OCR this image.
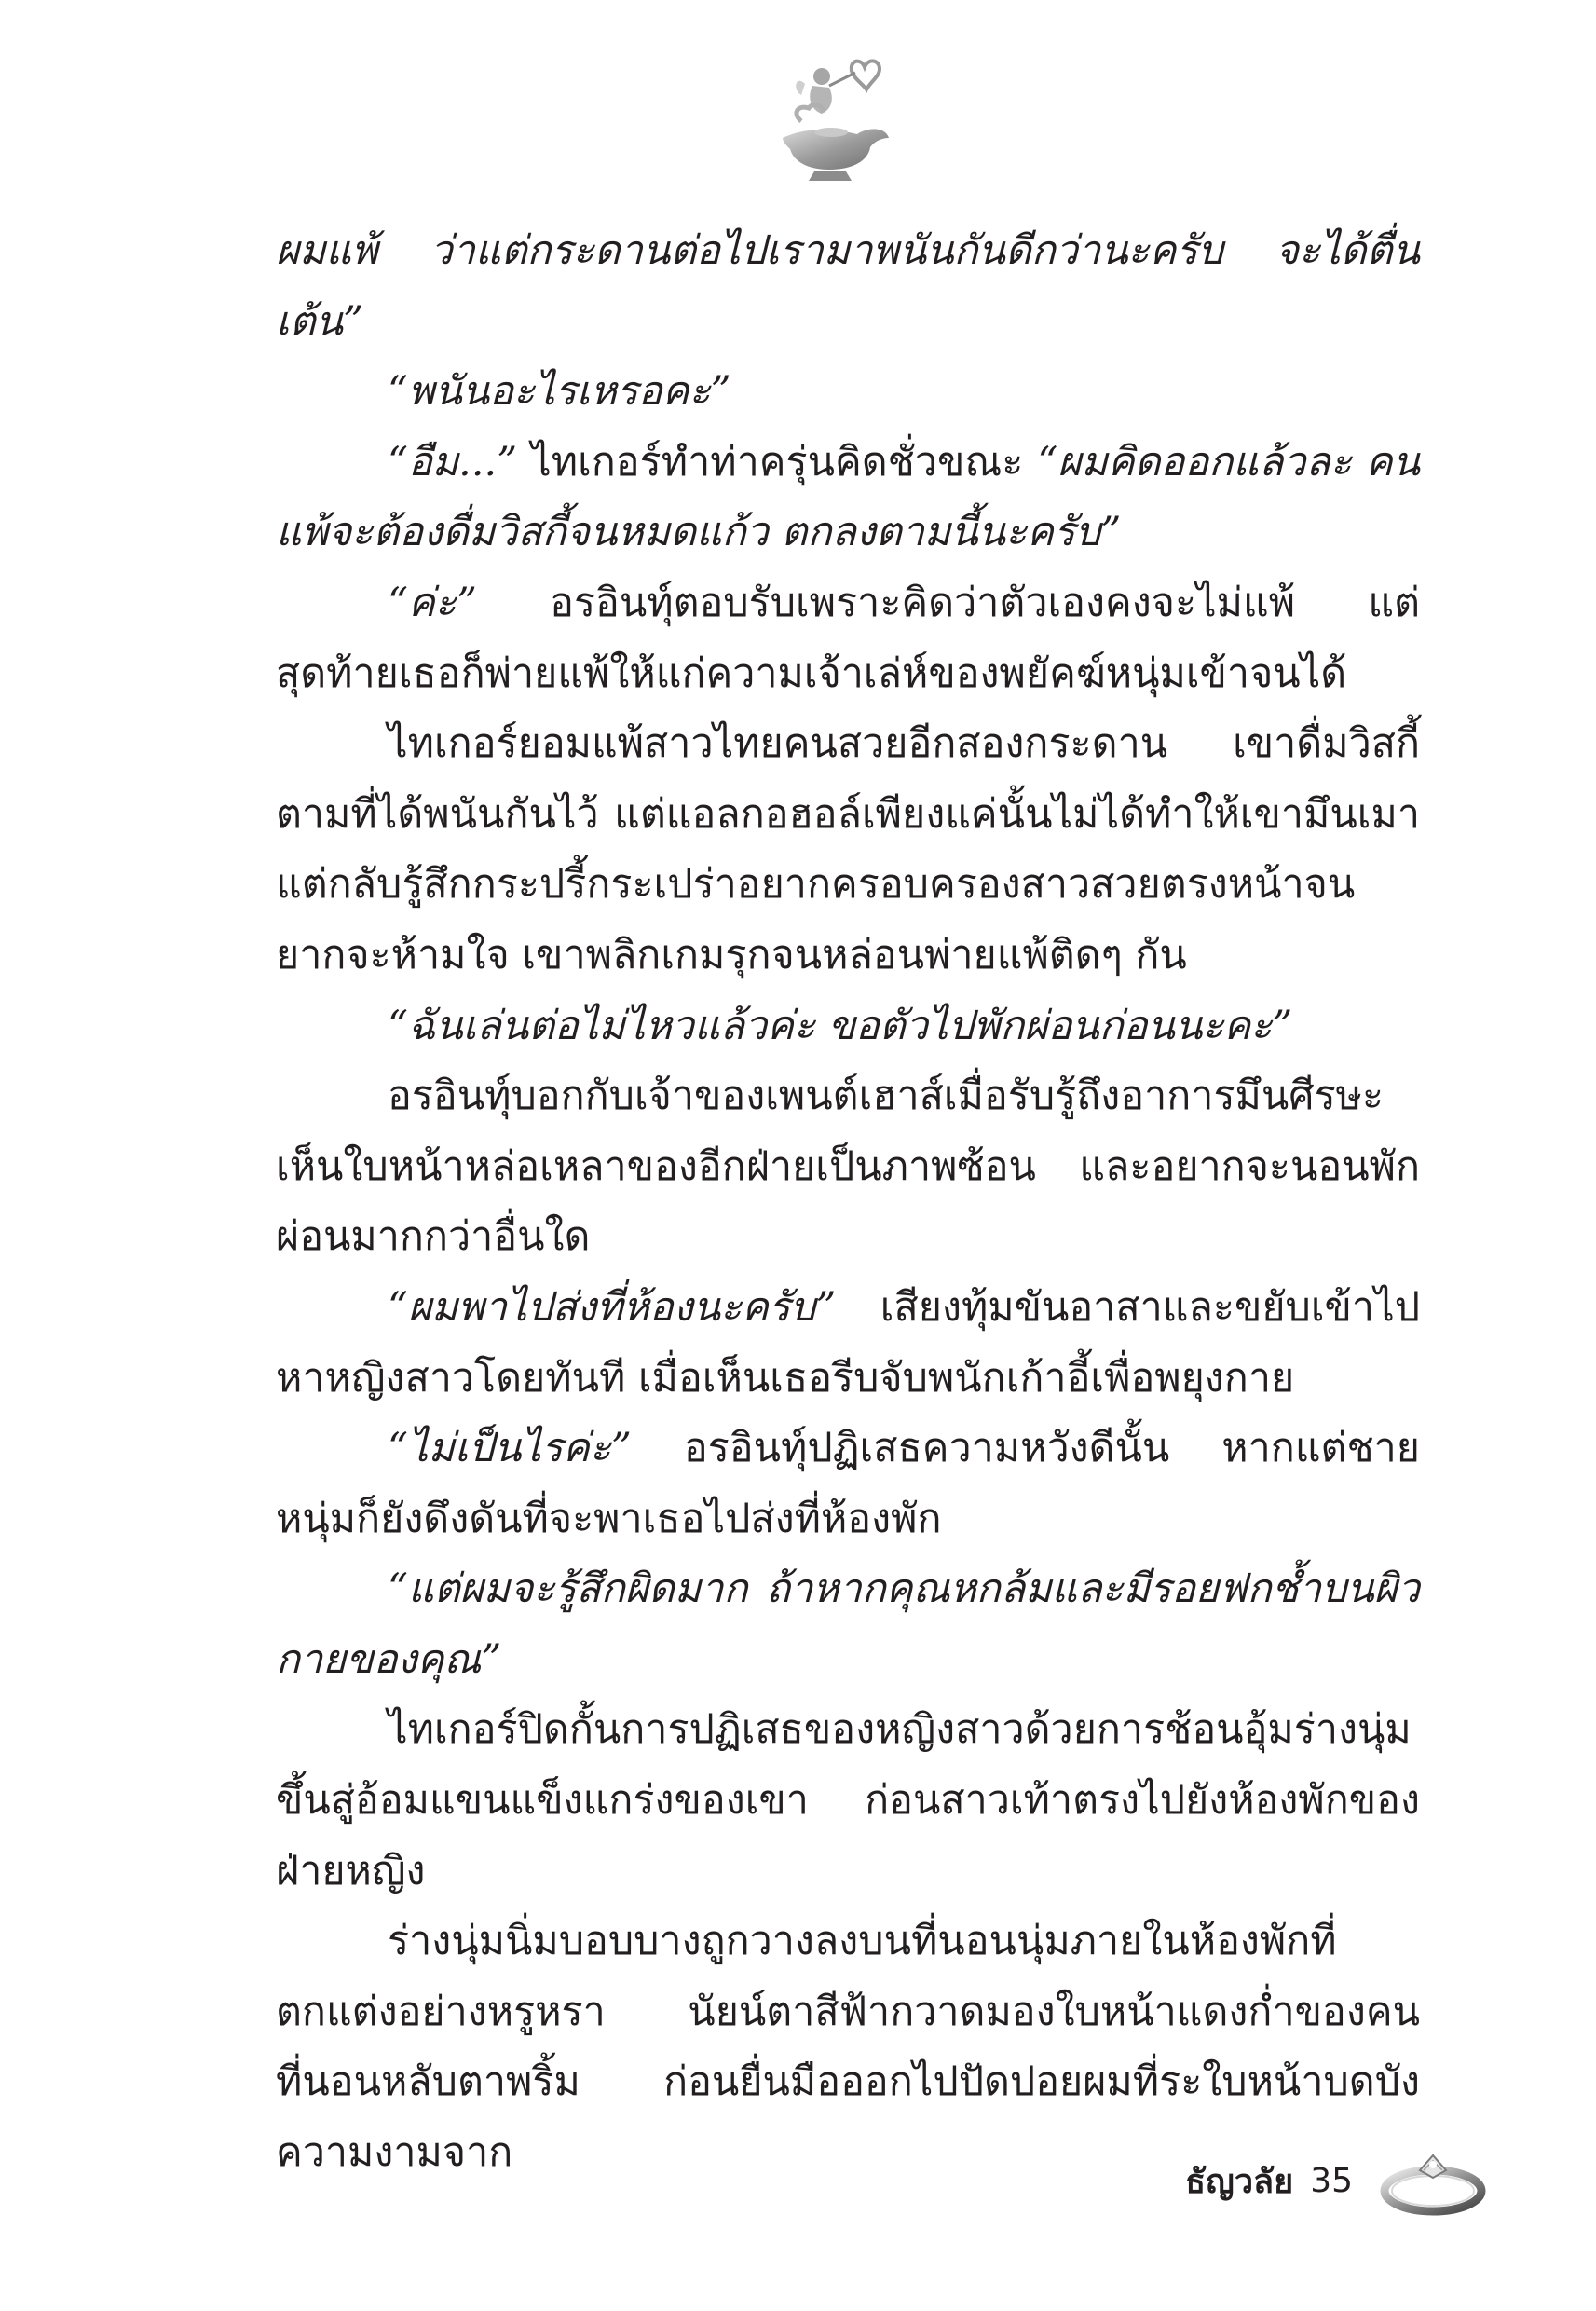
ผมแพ้ ว่าแต่กระดานต่อไปเรามาพนันกันดีกว่านะครับ จะได้ตื่นเต้น”

“พนันอะไรเหรอคะ”

“อืม...” ไทเกอร์ทำท่าครุ่นคิดชั่วขณะ “ผมคิดออกแล้วละ คนแพ้จะต้องดื่มวิสกี้จนหมดแก้ว ตกลงตามนี้นะครับ”

“ค่ะ” อรอินทุ์ตอบรับเพราะคิดว่าตัวเองคงจะไม่แพ้ แต่สุดท้ายเธอก็พ่ายแพ้ให้แก่ความเจ้าเล่ห์ของพยัคฆ์หนุ่มเข้าจนได้

ไทเกอร์ยอมแพ้สาวไทยคนสวยอีกสองกระดาน เขาดื่มวิสกี้ตามที่ได้พนันกันไว้ แต่แอลกอฮอล์เพียงแค่นั้นไม่ได้ทำให้เขามึนเมา แต่กลับรู้สึกกระปรี้กระเปร่าอยากครอบครองสาวสวยตรงหน้าจนยากจะห้ามใจ เขาพลิกเกมรุกจนหล่อนพ่ายแพ้ติดๆ กัน

“ฉันเล่นต่อไม่ไหวแล้วค่ะ ขอตัวไปพักผ่อนก่อนนะคะ”

อรอินทุ์บอกกับเจ้าของเพนต์เฮาส์เมื่อรับรู้ถึงอาการมึนศีรษะ เห็นใบหน้าหล่อเหลาของอีกฝ่ายเป็นภาพซ้อน และอยากจะนอนพักผ่อนมากกว่าอื่นใด

“ผมพาไปส่งที่ห้องนะครับ” เสียงทุ้มขันอาสาและขยับเข้าไปหาหญิงสาวโดยทันที เมื่อเห็นเธอรีบจับพนักเก้าอี้เพื่อพยุงกาย

“ไม่เป็นไรค่ะ” อรอินทุ์ปฏิเสธความหวังดีนั้น หากแต่ชายหนุ่มก็ยังดึงดันที่จะพาเธอไปส่งที่ห้องพัก

“แต่ผมจะรู้สึกผิดมาก ถ้าหากคุณหกล้มและมีรอยฟกช้ำบนผิวกายของคุณ”

ไทเกอร์ปิดกั้นการปฏิเสธของหญิงสาวด้วยการช้อนอุ้มร่างนุ่มขึ้นสู่อ้อมแขนแข็งแกร่งของเขา ก่อนสาวเท้าตรงไปยังห้องพักของฝ่ายหญิง

ร่างนุ่มนิ่มบอบบางถูกวางลงบนที่นอนนุ่มภายในห้องพักที่ตกแต่งอย่างหรูหรา นัยน์ตาสีฟ้ากวาดมองใบหน้าแดงก่ำของคนที่นอนหลับตาพริ้ม ก่อนยื่นมือออกไปปัดปอยผมที่ระใบหน้าบดบังความงามจาก

ธัญวลัย 35
